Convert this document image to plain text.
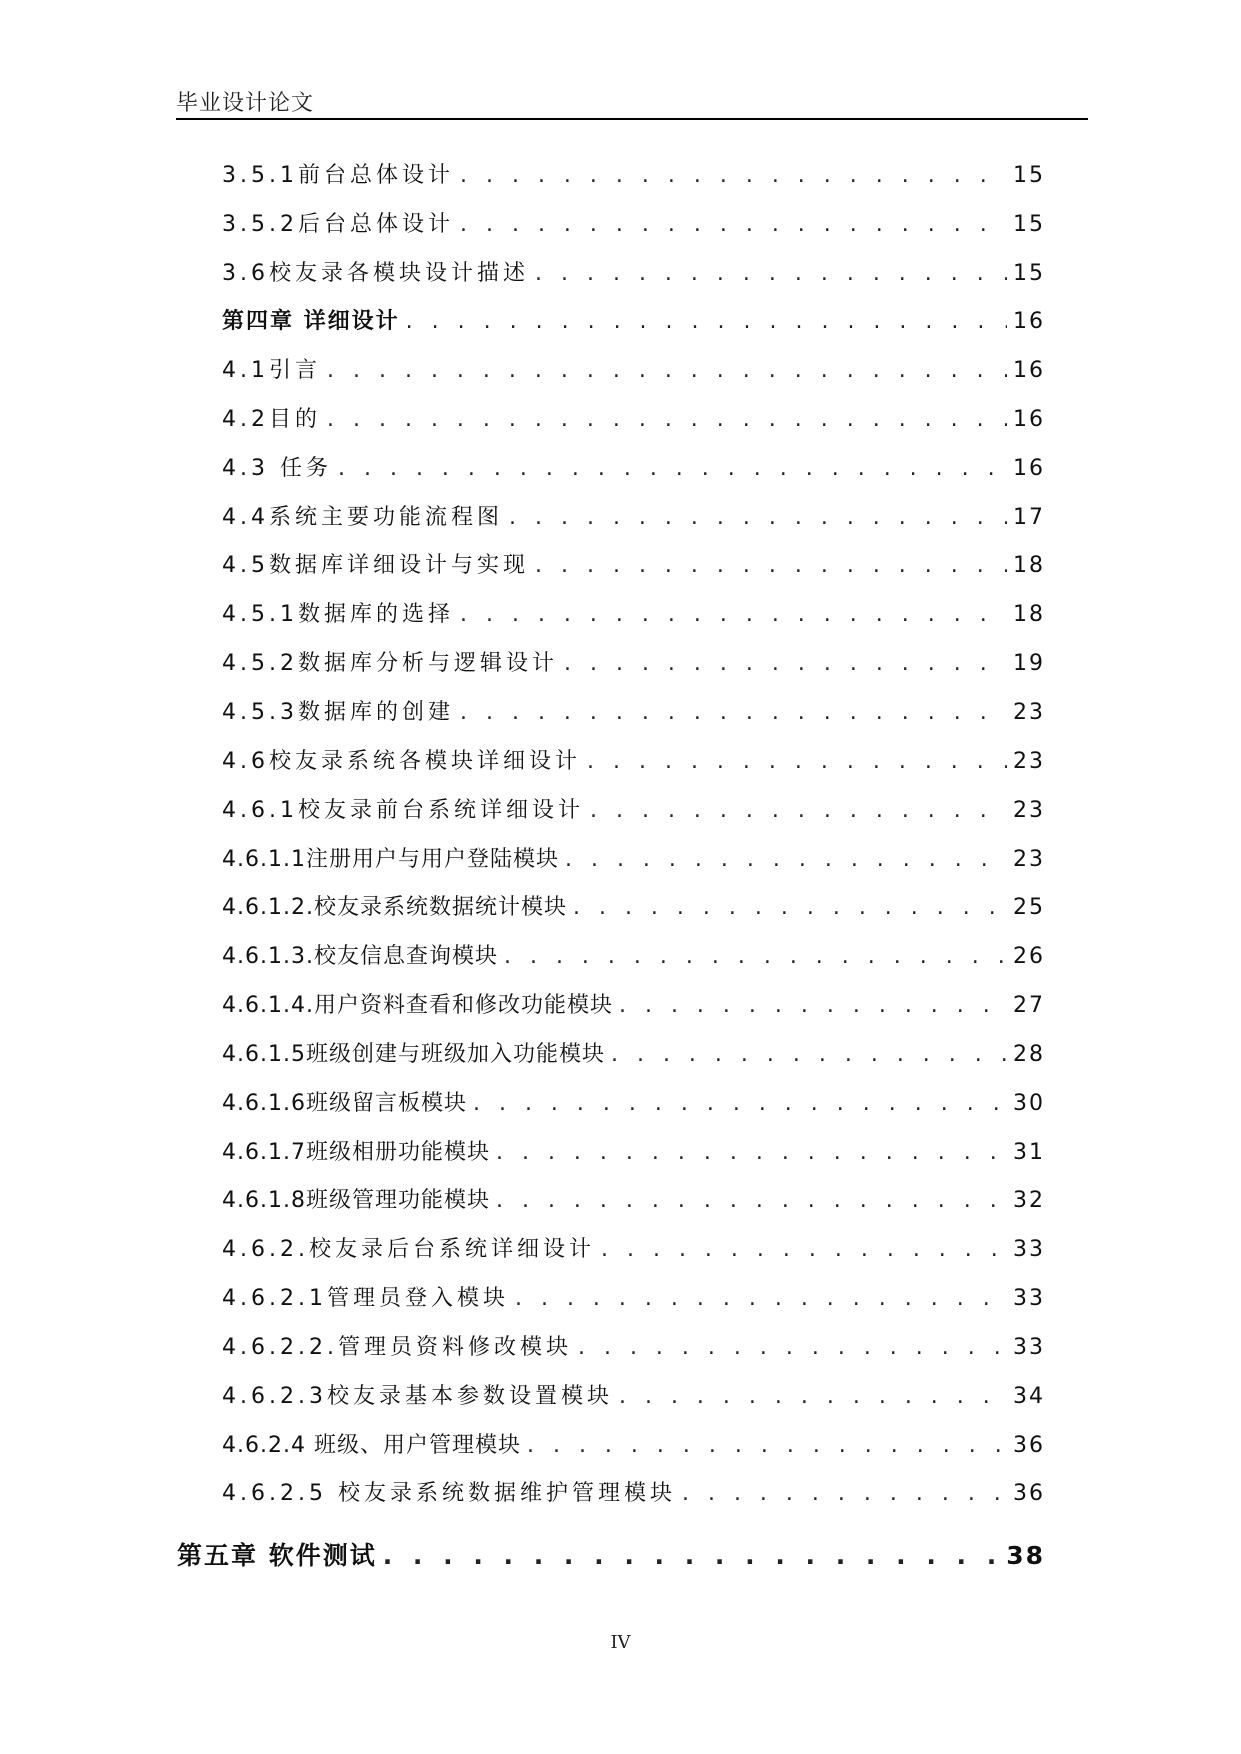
毕业设计论文
3.5.1前台总体设计 . . .	15
3.5.2后台总体设计 . . .	15
3.6校友录各模块设计描述 . . .	15
第四章 详细设计 . . .	16
4.1引言 . . .	16
4.2目的 . . .	16
4.3 任务 . . .	16
4.4系统主要功能流程图 . . .	17
4.5数据库详细设计与实现 . . .	18
4.5.1数据库的选择 . . .	18
4.5.2数据库分析与逻辑设计 . . .	19
4.5.3数据库的创建 . . .	23
4.6校友录系统各模块详细设计 . . .	23
4.6.1校友录前台系统详细设计 . . .	23
4.6.1.1注册用户与用户登陆模块 . . .	23
4.6.1.2.校友录系统数据统计模块 . . .	25
4.6.1.3.校友信息查询模块 . . .	26
4.6.1.4.用户资料查看和修改功能模块 . . .	27
4.6.1.5班级创建与班级加入功能模块 . . .	28
4.6.1.6班级留言板模块 . . .	30
4.6.1.7班级相册功能模块 . . .	31
4.6.1.8班级管理功能模块 . . .	32
4.6.2.校友录后台系统详细设计 . . .	33
4.6.2.1管理员登入模块 . . .	33
4.6.2.2.管理员资料修改模块 . . .	33
4.6.2.3校友录基本参数设置模块 . . .	34
4.6.2.4 班级、用户管理模块 . . .	36
4.6.2.5 校友录系统数据维护管理模块 . . .	36
第五章 软件测试 . . .	38
IV
